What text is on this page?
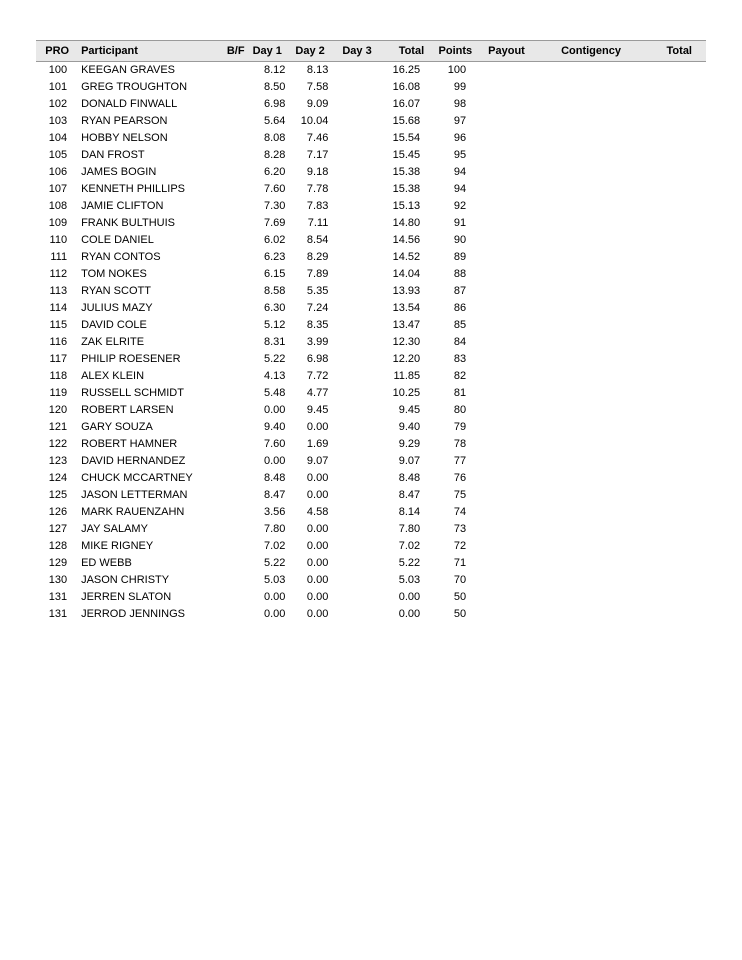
PRO	Participant	B/F	Day 1	Day 2	Day 3	Total	Points	Payout	Contigency	Total
100	KEEGAN GRAVES		8.12	8.13		16.25	100			
101	GREG TROUGHTON		8.50	7.58		16.08	99			
102	DONALD FINWALL		6.98	9.09		16.07	98			
103	RYAN PEARSON		5.64	10.04		15.68	97			
104	HOBBY NELSON		8.08	7.46		15.54	96			
105	DAN FROST		8.28	7.17		15.45	95			
106	JAMES BOGIN		6.20	9.18		15.38	94			
107	KENNETH PHILLIPS		7.60	7.78		15.38	94			
108	JAMIE CLIFTON		7.30	7.83		15.13	92			
109	FRANK BULTHUIS		7.69	7.11		14.80	91			
110	COLE DANIEL		6.02	8.54		14.56	90			
111	RYAN CONTOS		6.23	8.29		14.52	89			
112	TOM NOKES		6.15	7.89		14.04	88			
113	RYAN SCOTT		8.58	5.35		13.93	87			
114	JULIUS MAZY		6.30	7.24		13.54	86			
115	DAVID COLE		5.12	8.35		13.47	85			
116	ZAK ELRITE		8.31	3.99		12.30	84			
117	PHILIP ROESENER		5.22	6.98		12.20	83			
118	ALEX KLEIN		4.13	7.72		11.85	82			
119	RUSSELL SCHMIDT		5.48	4.77		10.25	81			
120	ROBERT LARSEN		0.00	9.45		9.45	80			
121	GARY SOUZA		9.40	0.00		9.40	79			
122	ROBERT HAMNER		7.60	1.69		9.29	78			
123	DAVID HERNANDEZ		0.00	9.07		9.07	77			
124	CHUCK MCCARTNEY		8.48	0.00		8.48	76			
125	JASON LETTERMAN		8.47	0.00		8.47	75			
126	MARK RAUENZAHN		3.56	4.58		8.14	74			
127	JAY SALAMY		7.80	0.00		7.80	73			
128	MIKE RIGNEY		7.02	0.00		7.02	72			
129	ED WEBB		5.22	0.00		5.22	71			
130	JASON CHRISTY		5.03	0.00		5.03	70			
131	JERREN SLATON		0.00	0.00		0.00	50			
131	JERROD JENNINGS		0.00	0.00		0.00	50			
